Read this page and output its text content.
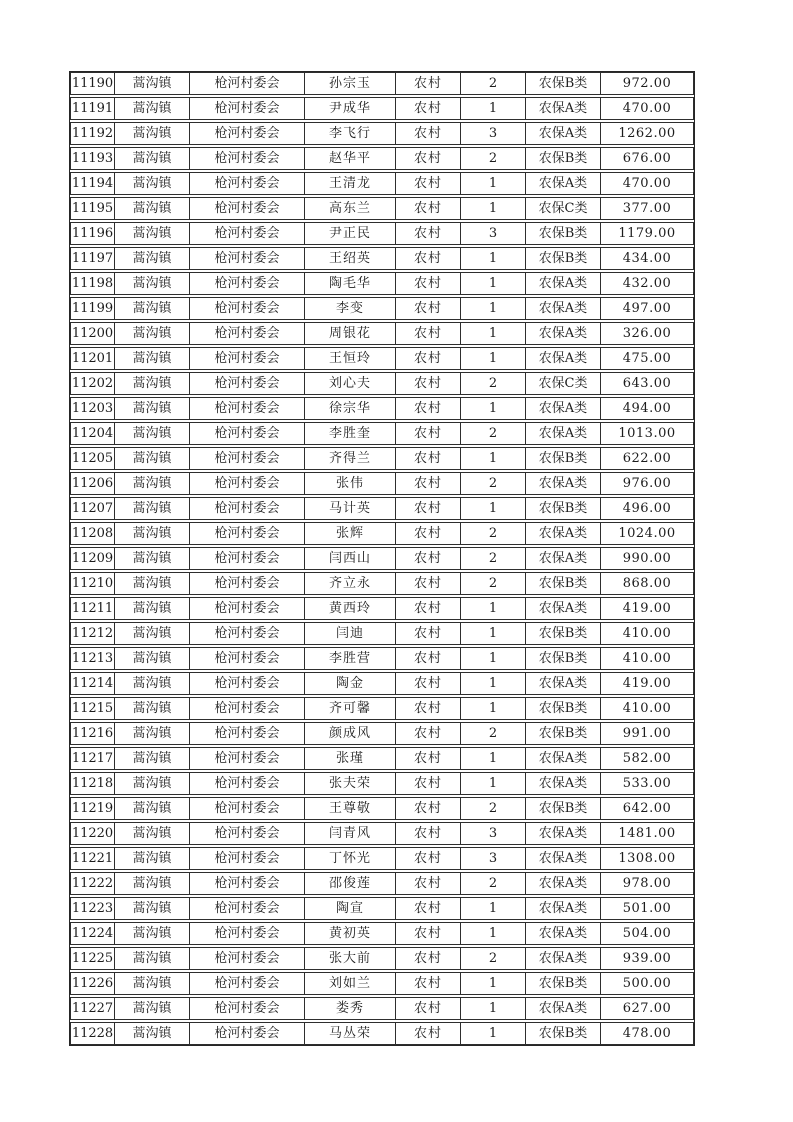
11190	蒿沟镇	枪河村委会	孙宗玉	农村	2	农保B类	972.00
11191	蒿沟镇	枪河村委会	尹成华	农村	1	农保A类	470.00
11192	蒿沟镇	枪河村委会	李飞行	农村	3	农保A类	1262.00
11193	蒿沟镇	枪河村委会	赵华平	农村	2	农保B类	676.00
11194	蒿沟镇	枪河村委会	王清龙	农村	1	农保A类	470.00
11195	蒿沟镇	枪河村委会	高东兰	农村	1	农保C类	377.00
11196	蒿沟镇	枪河村委会	尹正民	农村	3	农保B类	1179.00
11197	蒿沟镇	枪河村委会	王绍英	农村	1	农保B类	434.00
11198	蒿沟镇	枪河村委会	陶毛华	农村	1	农保A类	432.00
11199	蒿沟镇	枪河村委会	李变	农村	1	农保A类	497.00
11200	蒿沟镇	枪河村委会	周银花	农村	1	农保A类	326.00
11201	蒿沟镇	枪河村委会	王恒玲	农村	1	农保A类	475.00
11202	蒿沟镇	枪河村委会	刘心夫	农村	2	农保C类	643.00
11203	蒿沟镇	枪河村委会	徐宗华	农村	1	农保A类	494.00
11204	蒿沟镇	枪河村委会	李胜奎	农村	2	农保A类	1013.00
11205	蒿沟镇	枪河村委会	齐得兰	农村	1	农保B类	622.00
11206	蒿沟镇	枪河村委会	张伟	农村	2	农保A类	976.00
11207	蒿沟镇	枪河村委会	马计英	农村	1	农保B类	496.00
11208	蒿沟镇	枪河村委会	张辉	农村	2	农保A类	1024.00
11209	蒿沟镇	枪河村委会	闫西山	农村	2	农保A类	990.00
11210	蒿沟镇	枪河村委会	齐立永	农村	2	农保B类	868.00
11211	蒿沟镇	枪河村委会	黄西玲	农村	1	农保A类	419.00
11212	蒿沟镇	枪河村委会	闫迪	农村	1	农保B类	410.00
11213	蒿沟镇	枪河村委会	李胜营	农村	1	农保B类	410.00
11214	蒿沟镇	枪河村委会	陶金	农村	1	农保A类	419.00
11215	蒿沟镇	枪河村委会	齐可馨	农村	1	农保B类	410.00
11216	蒿沟镇	枪河村委会	颜成风	农村	2	农保B类	991.00
11217	蒿沟镇	枪河村委会	张瑾	农村	1	农保A类	582.00
11218	蒿沟镇	枪河村委会	张夫荣	农村	1	农保A类	533.00
11219	蒿沟镇	枪河村委会	王尊敬	农村	2	农保B类	642.00
11220	蒿沟镇	枪河村委会	闫青风	农村	3	农保A类	1481.00
11221	蒿沟镇	枪河村委会	丁怀光	农村	3	农保A类	1308.00
11222	蒿沟镇	枪河村委会	邵俊莲	农村	2	农保A类	978.00
11223	蒿沟镇	枪河村委会	陶宣	农村	1	农保A类	501.00
11224	蒿沟镇	枪河村委会	黄初英	农村	1	农保A类	504.00
11225	蒿沟镇	枪河村委会	张大前	农村	2	农保A类	939.00
11226	蒿沟镇	枪河村委会	刘如兰	农村	1	农保B类	500.00
11227	蒿沟镇	枪河村委会	娄秀	农村	1	农保A类	627.00
11228	蒿沟镇	枪河村委会	马丛荣	农村	1	农保B类	478.00
